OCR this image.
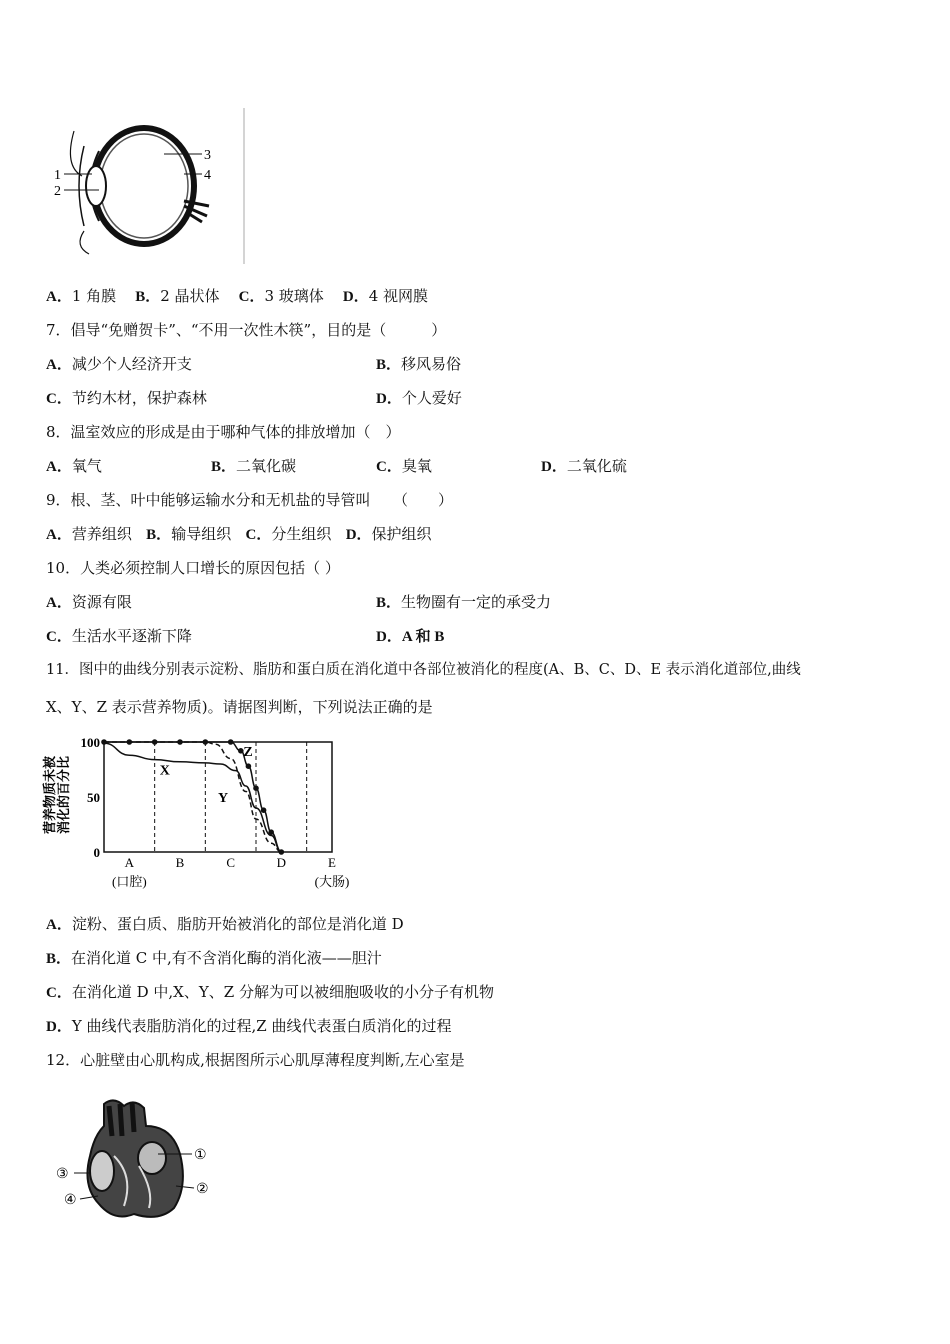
1
2
3
4
A．1 角膜 B．2 晶状体 C．3 玻璃体 D．4 视网膜
7．倡导“免赠贺卡”、“不用一次性木筷”，目的是（　　　）
A．减少个人经济开支	B．移风易俗
C．节约木材，保护森林	D．个人爱好
8．温室效应的形成是由于哪种气体的排放增加（　）
A．氧气	B．二氧化碳	C．臭氧	D．二氧化硫
9．根、茎、叶中能够运输水分和无机盐的导管叫　　（　　）
A．营养组织 B．输导组织 C．分生组织 D．保护组织
10．人类必须控制人口增长的原因包括（ ）
A．资源有限	B．生物圈有一定的承受力
C．生活水平逐渐下降	D．A 和 B
11．图中的曲线分别表示淀粉、脂肪和蛋白质在消化道中各部位被消化的程度(A、B、C、D、E 表示消化道部位,曲线
X、Y、Z 表示营养物质)。请据图判断，下列说法正确的是
100
50
0
营养物质未被 消化的百分比
A
(口腔)
B	C	D	E
(大肠)
X
Y
Z
A．淀粉、蛋白质、脂肪开始被消化的部位是消化道 D
B．在消化道 C 中,有不含消化酶的消化液——胆汁
C．在消化道 D 中,X、Y、Z 分解为可以被细胞吸收的小分子有机物
D．Y 曲线代表脂肪消化的过程,Z 曲线代表蛋白质消化的过程
12．心脏壁由心肌构成,根据图所示心肌厚薄程度判断,左心室是
①
②
③
④
